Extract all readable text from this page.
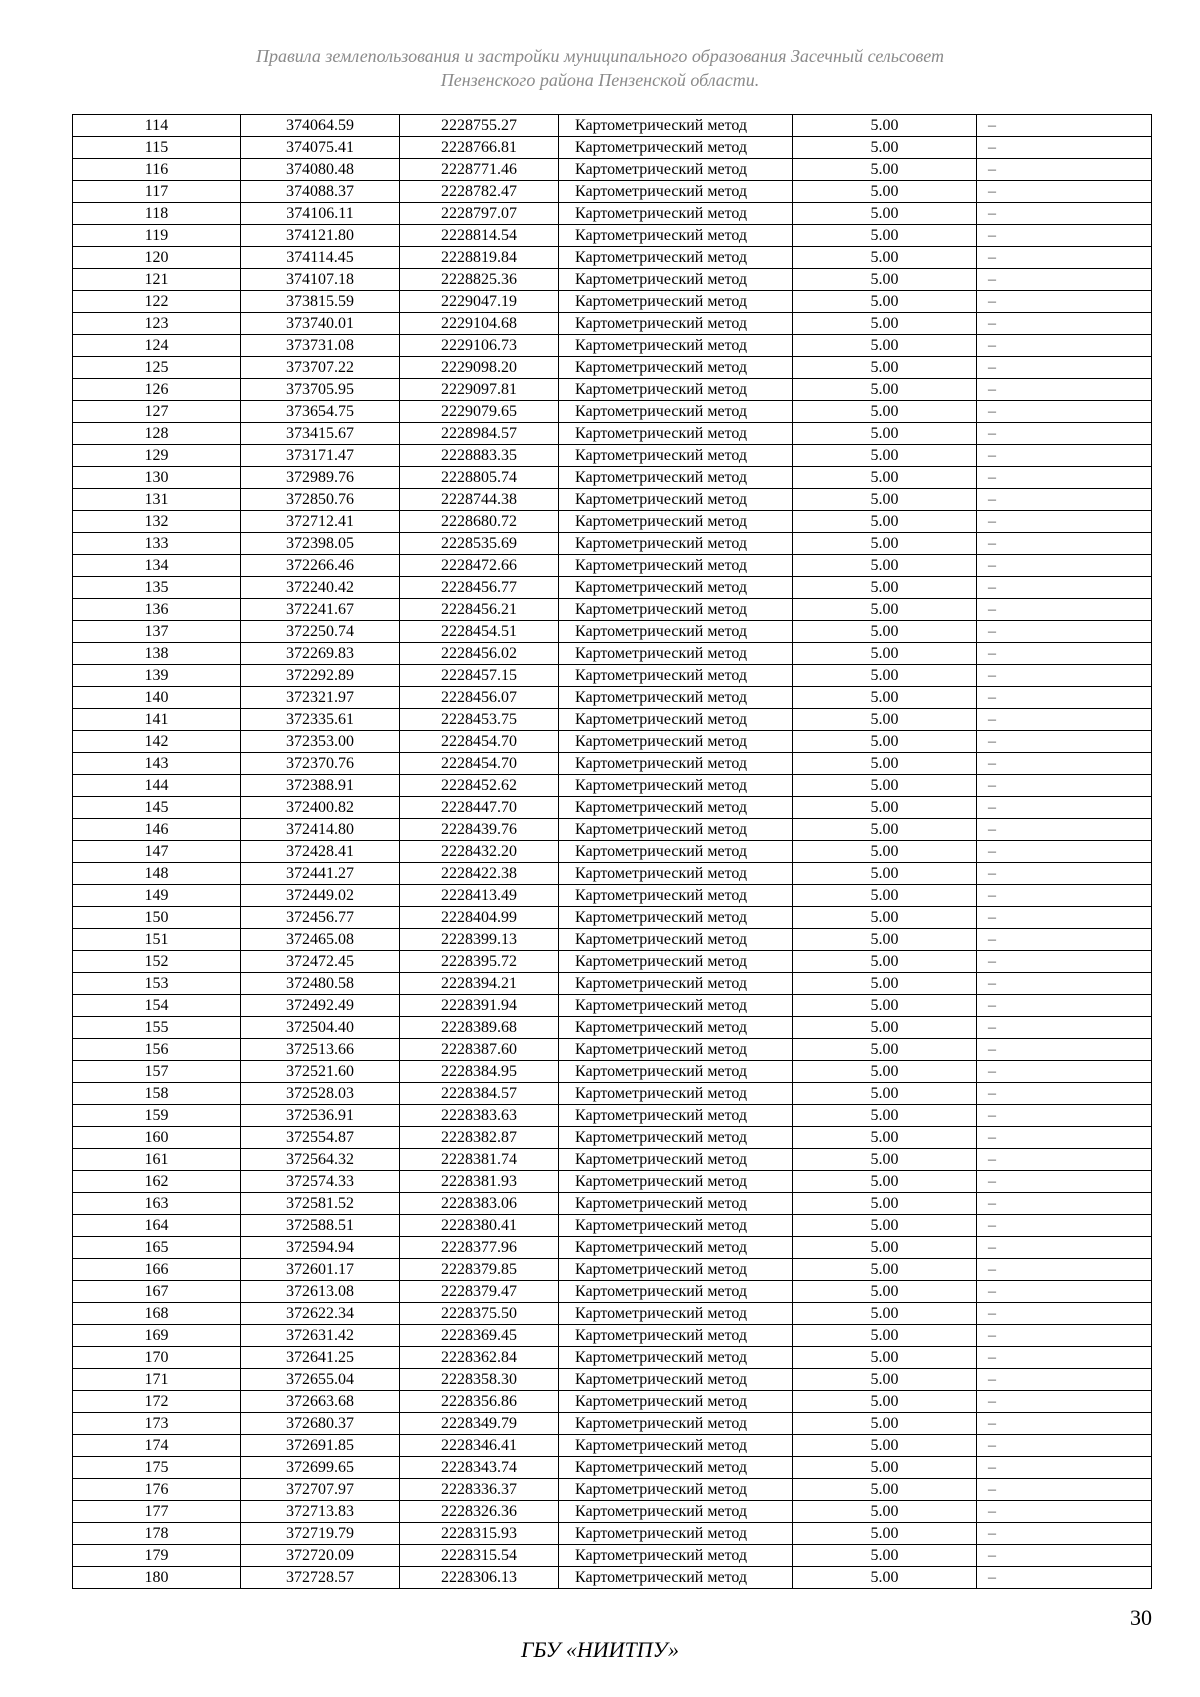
Правила землепользования и застройки муниципального образования Засечный сельсовет
Пензенского района Пензенской области.
114	374064.59	2228755.27	Картометрический метод	5.00	–
115	374075.41	2228766.81	Картометрический метод	5.00	–
116	374080.48	2228771.46	Картометрический метод	5.00	–
117	374088.37	2228782.47	Картометрический метод	5.00	–
118	374106.11	2228797.07	Картометрический метод	5.00	–
119	374121.80	2228814.54	Картометрический метод	5.00	–
120	374114.45	2228819.84	Картометрический метод	5.00	–
121	374107.18	2228825.36	Картометрический метод	5.00	–
122	373815.59	2229047.19	Картометрический метод	5.00	–
123	373740.01	2229104.68	Картометрический метод	5.00	–
124	373731.08	2229106.73	Картометрический метод	5.00	–
125	373707.22	2229098.20	Картометрический метод	5.00	–
126	373705.95	2229097.81	Картометрический метод	5.00	–
127	373654.75	2229079.65	Картометрический метод	5.00	–
128	373415.67	2228984.57	Картометрический метод	5.00	–
129	373171.47	2228883.35	Картометрический метод	5.00	–
130	372989.76	2228805.74	Картометрический метод	5.00	–
131	372850.76	2228744.38	Картометрический метод	5.00	–
132	372712.41	2228680.72	Картометрический метод	5.00	–
133	372398.05	2228535.69	Картометрический метод	5.00	–
134	372266.46	2228472.66	Картометрический метод	5.00	–
135	372240.42	2228456.77	Картометрический метод	5.00	–
136	372241.67	2228456.21	Картометрический метод	5.00	–
137	372250.74	2228454.51	Картометрический метод	5.00	–
138	372269.83	2228456.02	Картометрический метод	5.00	–
139	372292.89	2228457.15	Картометрический метод	5.00	–
140	372321.97	2228456.07	Картометрический метод	5.00	–
141	372335.61	2228453.75	Картометрический метод	5.00	–
142	372353.00	2228454.70	Картометрический метод	5.00	–
143	372370.76	2228454.70	Картометрический метод	5.00	–
144	372388.91	2228452.62	Картометрический метод	5.00	–
145	372400.82	2228447.70	Картометрический метод	5.00	–
146	372414.80	2228439.76	Картометрический метод	5.00	–
147	372428.41	2228432.20	Картометрический метод	5.00	–
148	372441.27	2228422.38	Картометрический метод	5.00	–
149	372449.02	2228413.49	Картометрический метод	5.00	–
150	372456.77	2228404.99	Картометрический метод	5.00	–
151	372465.08	2228399.13	Картометрический метод	5.00	–
152	372472.45	2228395.72	Картометрический метод	5.00	–
153	372480.58	2228394.21	Картометрический метод	5.00	–
154	372492.49	2228391.94	Картометрический метод	5.00	–
155	372504.40	2228389.68	Картометрический метод	5.00	–
156	372513.66	2228387.60	Картометрический метод	5.00	–
157	372521.60	2228384.95	Картометрический метод	5.00	–
158	372528.03	2228384.57	Картометрический метод	5.00	–
159	372536.91	2228383.63	Картометрический метод	5.00	–
160	372554.87	2228382.87	Картометрический метод	5.00	–
161	372564.32	2228381.74	Картометрический метод	5.00	–
162	372574.33	2228381.93	Картометрический метод	5.00	–
163	372581.52	2228383.06	Картометрический метод	5.00	–
164	372588.51	2228380.41	Картометрический метод	5.00	–
165	372594.94	2228377.96	Картометрический метод	5.00	–
166	372601.17	2228379.85	Картометрический метод	5.00	–
167	372613.08	2228379.47	Картометрический метод	5.00	–
168	372622.34	2228375.50	Картометрический метод	5.00	–
169	372631.42	2228369.45	Картометрический метод	5.00	–
170	372641.25	2228362.84	Картометрический метод	5.00	–
171	372655.04	2228358.30	Картометрический метод	5.00	–
172	372663.68	2228356.86	Картометрический метод	5.00	–
173	372680.37	2228349.79	Картометрический метод	5.00	–
174	372691.85	2228346.41	Картометрический метод	5.00	–
175	372699.65	2228343.74	Картометрический метод	5.00	–
176	372707.97	2228336.37	Картометрический метод	5.00	–
177	372713.83	2228326.36	Картометрический метод	5.00	–
178	372719.79	2228315.93	Картометрический метод	5.00	–
179	372720.09	2228315.54	Картометрический метод	5.00	–
180	372728.57	2228306.13	Картометрический метод	5.00	–
30
ГБУ «НИИТПУ»
